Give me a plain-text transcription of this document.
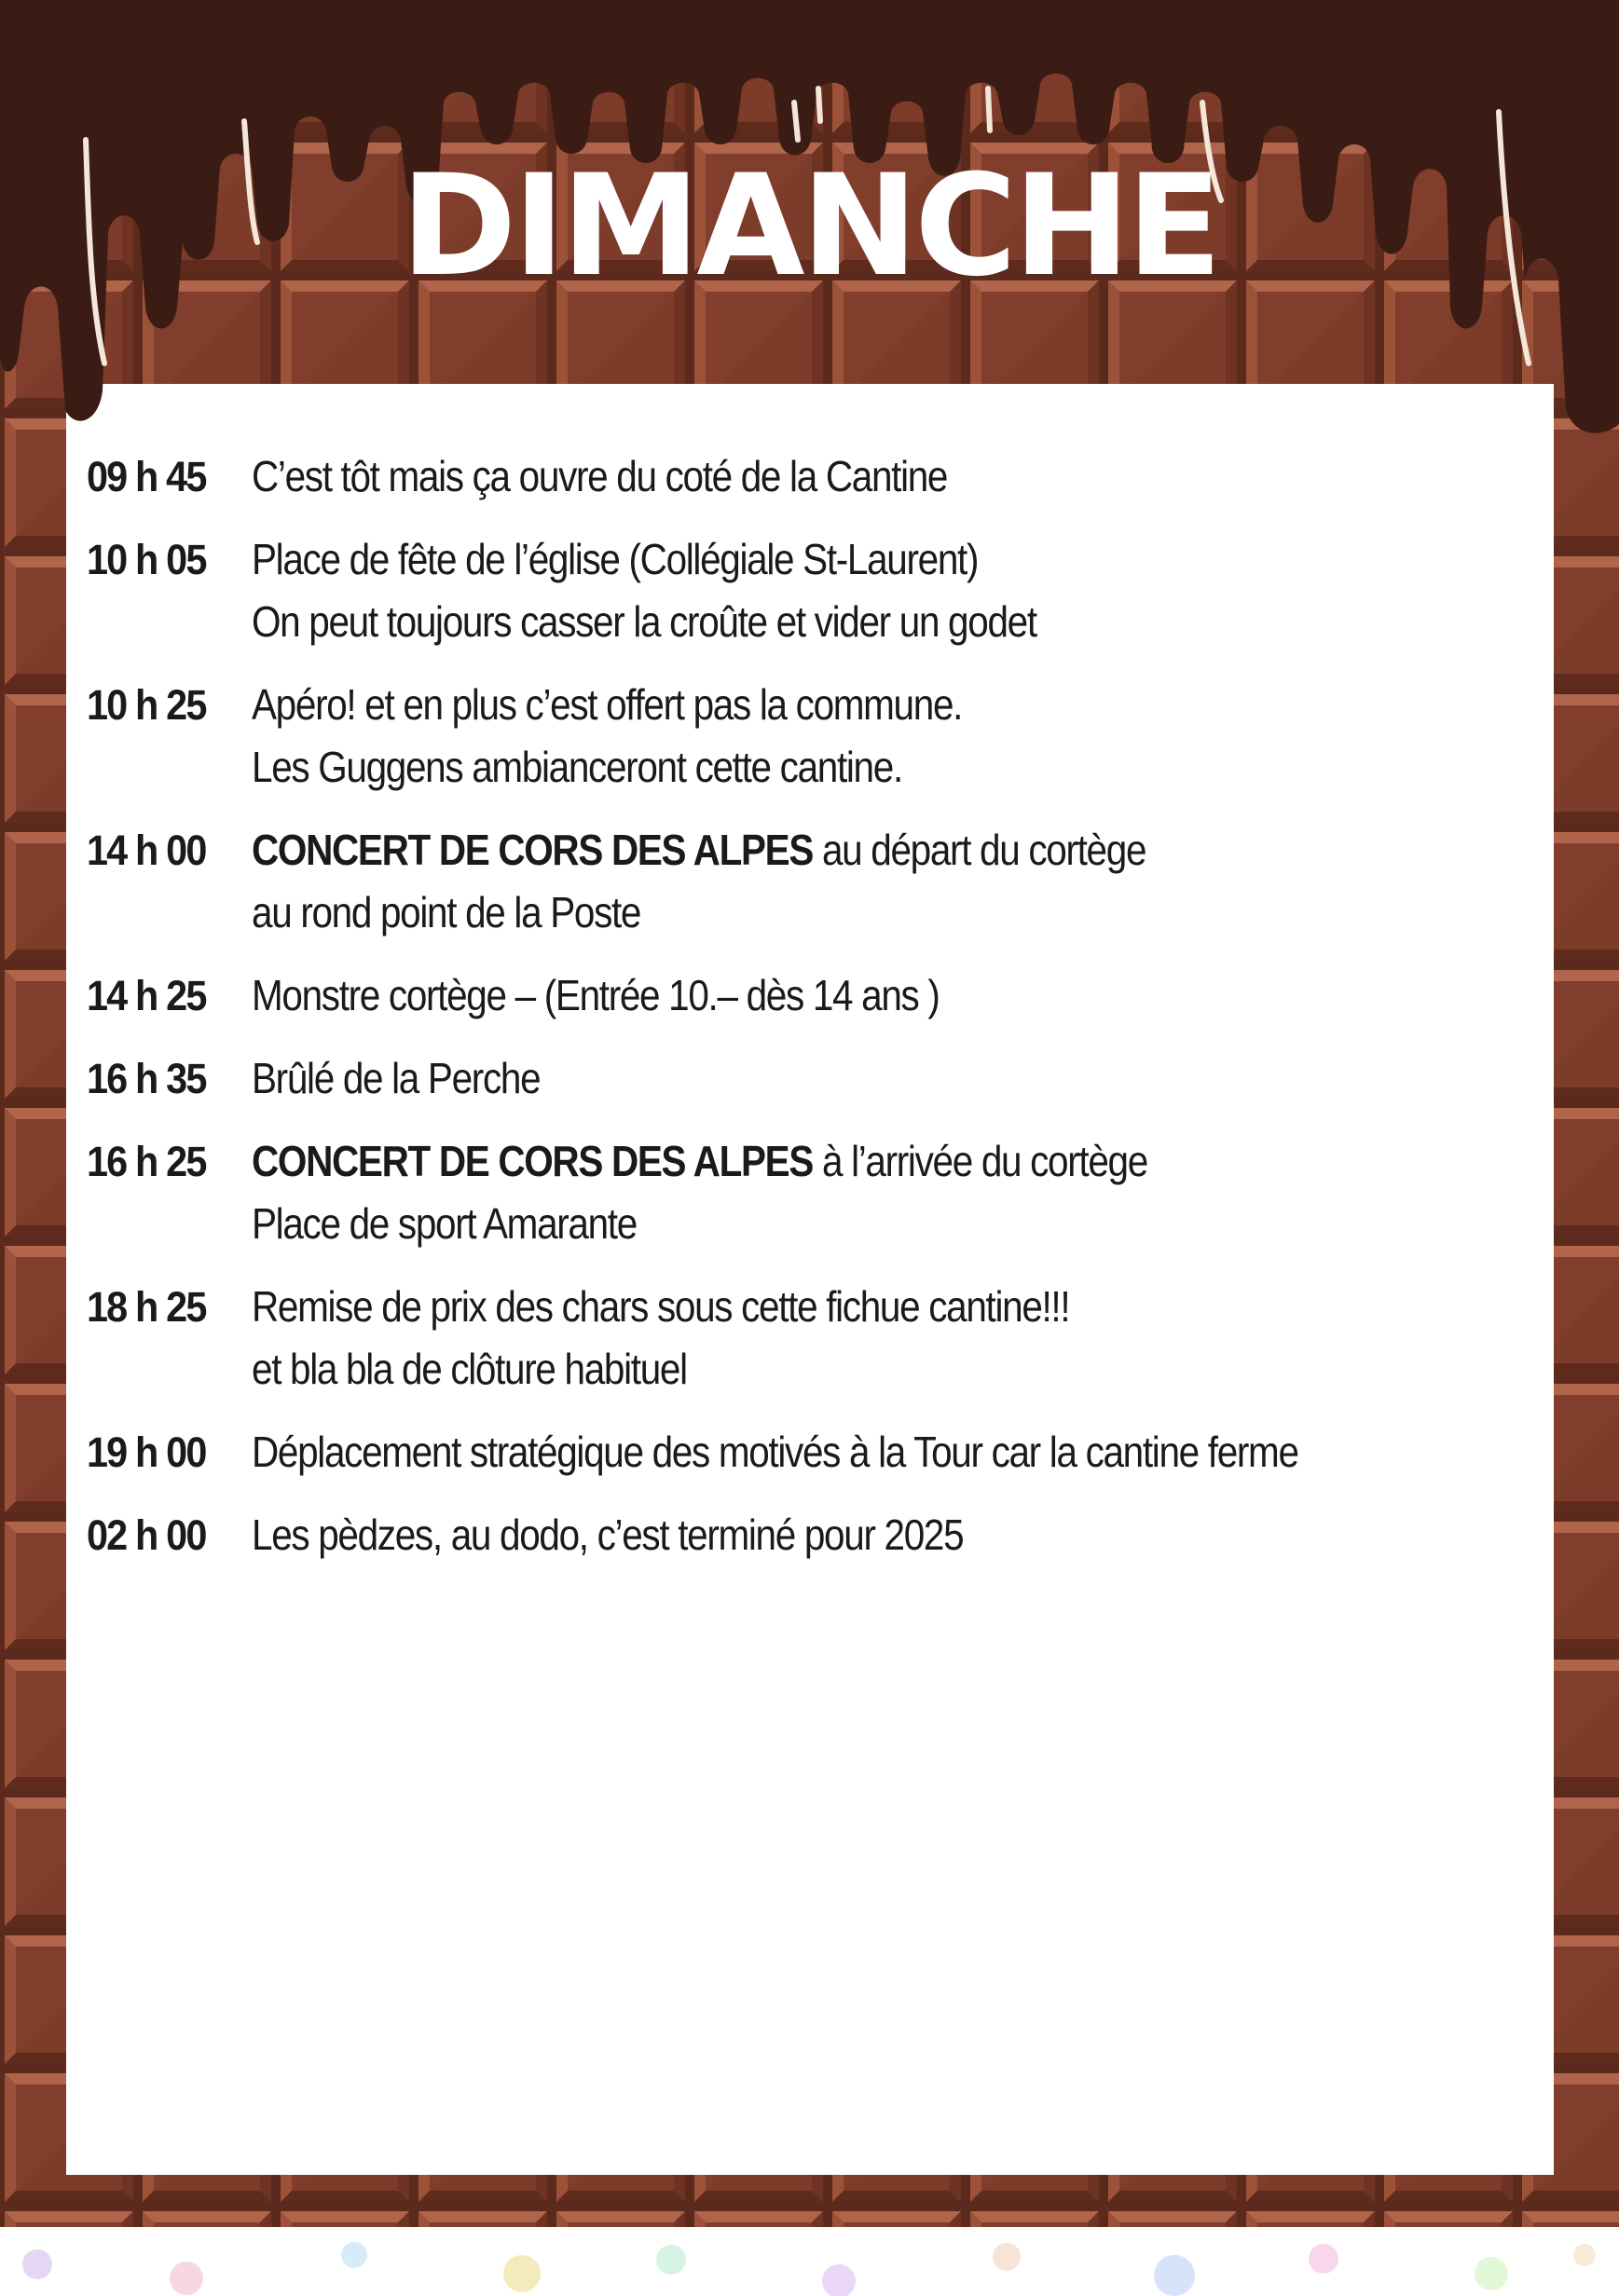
DIMANCHE
09 h 45	C’est tôt mais ça ouvre du coté de la Cantine
10 h 05	Place de fête de l’église (Collégiale St-Laurent)
On peut toujours casser la croûte et vider un godet
10 h 25	Apéro! et en plus c’est offert pas la commune.
Les Guggens ambianceront cette cantine.
14 h 00	CONCERT DE CORS DES ALPES au départ du cortège
au rond point de la Poste
14 h 25	Monstre cortège – (Entrée 10.– dès 14 ans )
16 h 35	Brûlé de la Perche
16 h 25	CONCERT DE CORS DES ALPES à l’arrivée du cortège
Place de sport Amarante
18 h 25	Remise de prix des chars sous cette fichue cantine!!!
et bla bla de clôture habituel
19 h 00	Déplacement stratégique des motivés à la Tour car la cantine ferme
02 h 00	Les pèdzes, au dodo, c’est terminé pour 2025
